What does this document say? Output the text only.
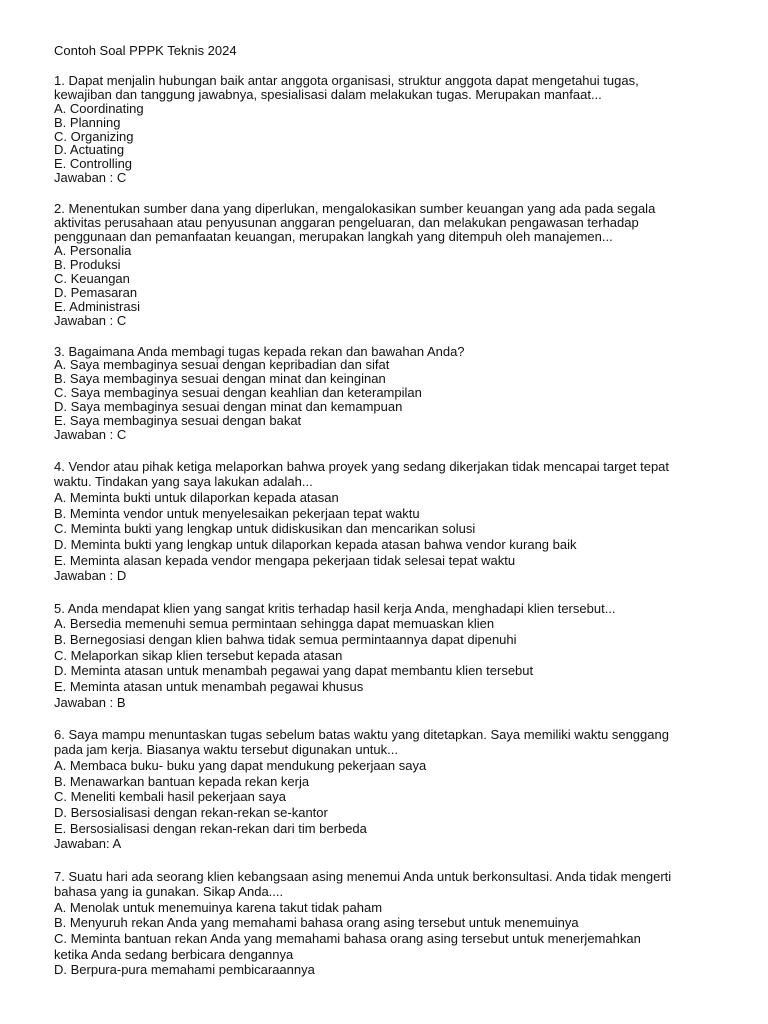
Contoh Soal PPPK Teknis 2024
1. Dapat menjalin hubungan baik antar anggota organisasi, struktur anggota dapat mengetahui tugas,
kewajiban dan tanggung jawabnya, spesialisasi dalam melakukan tugas. Merupakan manfaat...
A. Coordinating
B. Planning
C. Organizing
D. Actuating
E. Controlling
Jawaban : C
2. Menentukan sumber dana yang diperlukan, mengalokasikan sumber keuangan yang ada pada segala
aktivitas perusahaan atau penyusunan anggaran pengeluaran, dan melakukan pengawasan terhadap
penggunaan dan pemanfaatan keuangan, merupakan langkah yang ditempuh oleh manajemen...
A. Personalia
B. Produksi
C. Keuangan
D. Pemasaran
E. Administrasi
Jawaban : C
3. Bagaimana Anda membagi tugas kepada rekan dan bawahan Anda?
A. Saya membaginya sesuai dengan kepribadian dan sifat
B. Saya membaginya sesuai dengan minat dan keinginan
C. Saya membaginya sesuai dengan keahlian dan keterampilan
D. Saya membaginya sesuai dengan minat dan kemampuan
E. Saya membaginya sesuai dengan bakat
Jawaban : C
4. Vendor atau pihak ketiga melaporkan bahwa proyek yang sedang dikerjakan tidak mencapai target tepat
waktu. Tindakan yang saya lakukan adalah...
A. Meminta bukti untuk dilaporkan kepada atasan
B. Meminta vendor untuk menyelesaikan pekerjaan tepat waktu
C. Meminta bukti yang lengkap untuk didiskusikan dan mencarikan solusi
D. Meminta bukti yang lengkap untuk dilaporkan kepada atasan bahwa vendor kurang baik
E. Meminta alasan kepada vendor mengapa pekerjaan tidak selesai tepat waktu
Jawaban : D
5. Anda mendapat klien yang sangat kritis terhadap hasil kerja Anda, menghadapi klien tersebut...
A. Bersedia memenuhi semua permintaan sehingga dapat memuaskan klien
B. Bernegosiasi dengan klien bahwa tidak semua permintaannya dapat dipenuhi
C. Melaporkan sikap klien tersebut kepada atasan
D. Meminta atasan untuk menambah pegawai yang dapat membantu klien tersebut
E. Meminta atasan untuk menambah pegawai khusus
Jawaban : B
6. Saya mampu menuntaskan tugas sebelum batas waktu yang ditetapkan. Saya memiliki waktu senggang
pada jam kerja. Biasanya waktu tersebut digunakan untuk...
A. Membaca buku- buku yang dapat mendukung pekerjaan saya
B. Menawarkan bantuan kepada rekan kerja
C. Meneliti kembali hasil pekerjaan saya
D. Bersosialisasi dengan rekan-rekan se-kantor
E. Bersosialisasi dengan rekan-rekan dari tim berbeda
Jawaban: A
7. Suatu hari ada seorang klien kebangsaan asing menemui Anda untuk berkonsultasi. Anda tidak mengerti
bahasa yang ia gunakan. Sikap Anda....
A. Menolak untuk menemuinya karena takut tidak paham
B. Menyuruh rekan Anda yang memahami bahasa orang asing tersebut untuk menemuinya
C. Meminta bantuan rekan Anda yang memahami bahasa orang asing tersebut untuk menerjemahkan
ketika Anda sedang berbicara dengannya
D. Berpura-pura memahami pembicaraannya
